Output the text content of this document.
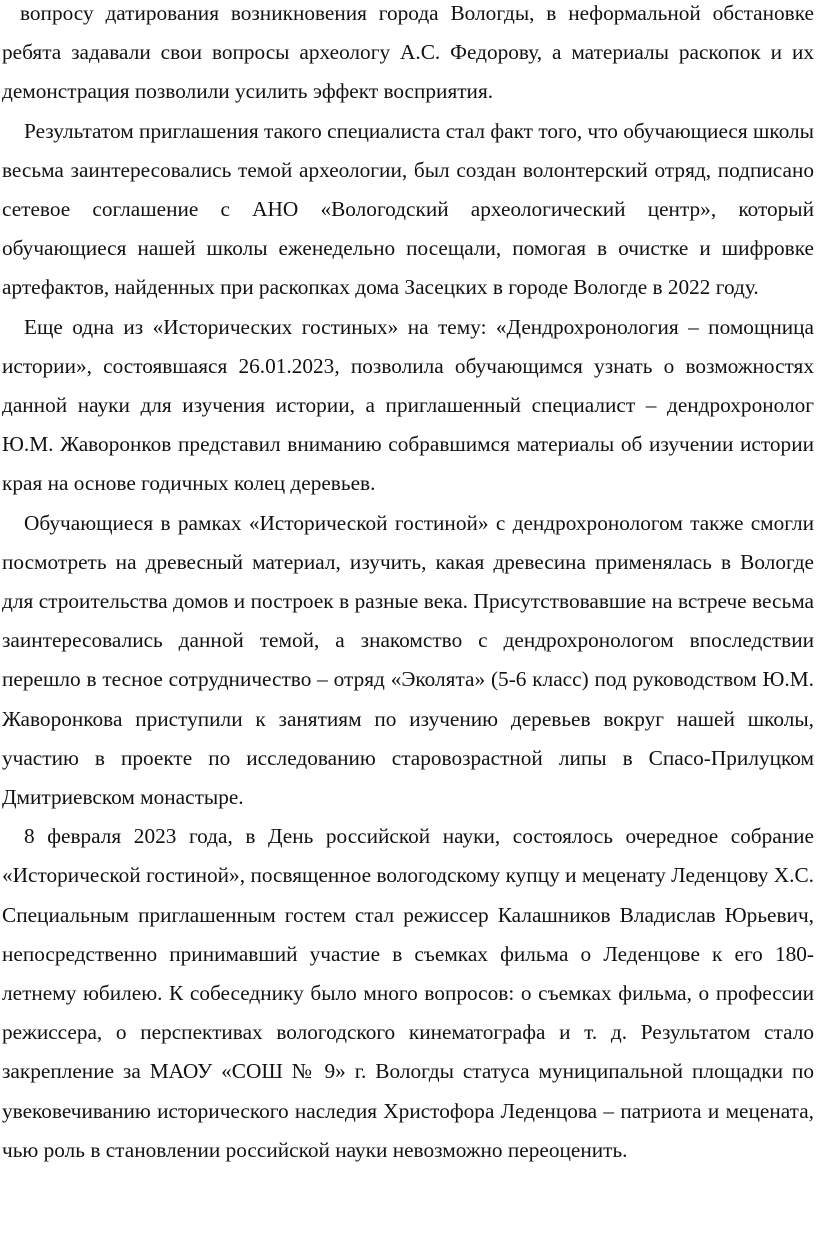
вопросу датирования возникновения города Вологды, в неформальной обстановке ребята задавали свои вопросы археологу А.С. Федорову, а материалы раскопок и их демонстрация позволили усилить эффект восприятия.

Результатом приглашения такого специалиста стал факт того, что обучающиеся школы весьма заинтересовались темой археологии, был создан волонтерский отряд, подписано сетевое соглашение с АНО «Вологодский археологический центр», который обучающиеся нашей школы еженедельно посещали, помогая в очистке и шифровке артефактов, найденных при раскопках дома Засецких в городе Вологде в 2022 году.

Еще одна из «Исторических гостиных» на тему: «Дендрохронология – помощница истории», состоявшаяся 26.01.2023, позволила обучающимся узнать о возможностях данной науки для изучения истории, а приглашенный специалист – дендрохронолог Ю.М. Жаворонков представил вниманию собравшимся материалы об изучении истории края на основе годичных колец деревьев.

Обучающиеся в рамках «Исторической гостиной» с дендрохронологом также смогли посмотреть на древесный материал, изучить, какая древесина применялась в Вологде для строительства домов и построек в разные века. Присутствовавшие на встрече весьма заинтересовались данной темой, а знакомство с дендрохронологом впоследствии перешло в тесное сотрудничество – отряд «Эколята» (5-6 класс) под руководством Ю.М. Жаворонкова приступили к занятиям по изучению деревьев вокруг нашей школы, участию в проекте по исследованию старовозрастной липы в Спасо-Прилуцком Дмитриевском монастыре.

8 февраля 2023 года, в День российской науки, состоялось очередное собрание «Исторической гостиной», посвященное вологодскому купцу и меценату Леденцову Х.С. Специальным приглашенным гостем стал режиссер Калашников Владислав Юрьевич, непосредственно принимавший участие в съемках фильма о Леденцове к его 180-летнему юбилею. К собеседнику было много вопросов: о съемках фильма, о профессии режиссера, о перспективах вологодского кинематографа и т. д. Результатом стало закрепление за МАОУ «СОШ № 9» г. Вологды статуса муниципальной площадки по увековечиванию исторического наследия Христофора Леденцова – патриота и мецената, чью роль в становлении российской науки невозможно переоценить.
